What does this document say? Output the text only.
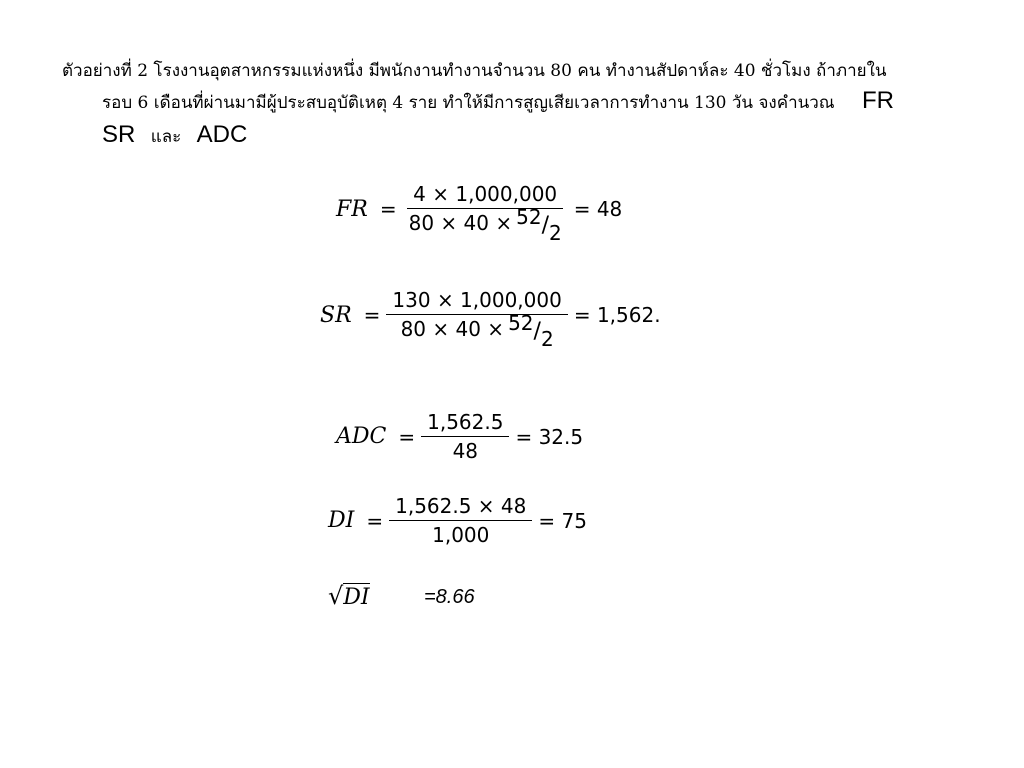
ตัวอย่างที่ 2 โรงงานอุตสาหกรรมแห่งหนึ่ง มีพนักงานทำงานจำนวน 80 คน ทำงานสัปดาห์ละ 40 ชั่วโมง ถ้าภายใน
รอบ 6 เดือนที่ผ่านมามีผู้ประสบอุบัติเหตุ 4 ราย ทำให้มีการสูญเสียเวลาการทำงาน 130 วัน จงคำนวณ FR
SR และ ADC
FR = $\frac{4 \times 1,000,000}{80 \times 40 \times 52 / 2} = 48$
SR = $\frac{130 \times 1,000,000}{80 \times 40 \times 52 / 2} = 1,562$.
ADC = $\frac{1,562.5}{48} = 32.5$
DI = $\frac{1,562.5 \times 48}{1,000} = 75$
√DI	=8.66
